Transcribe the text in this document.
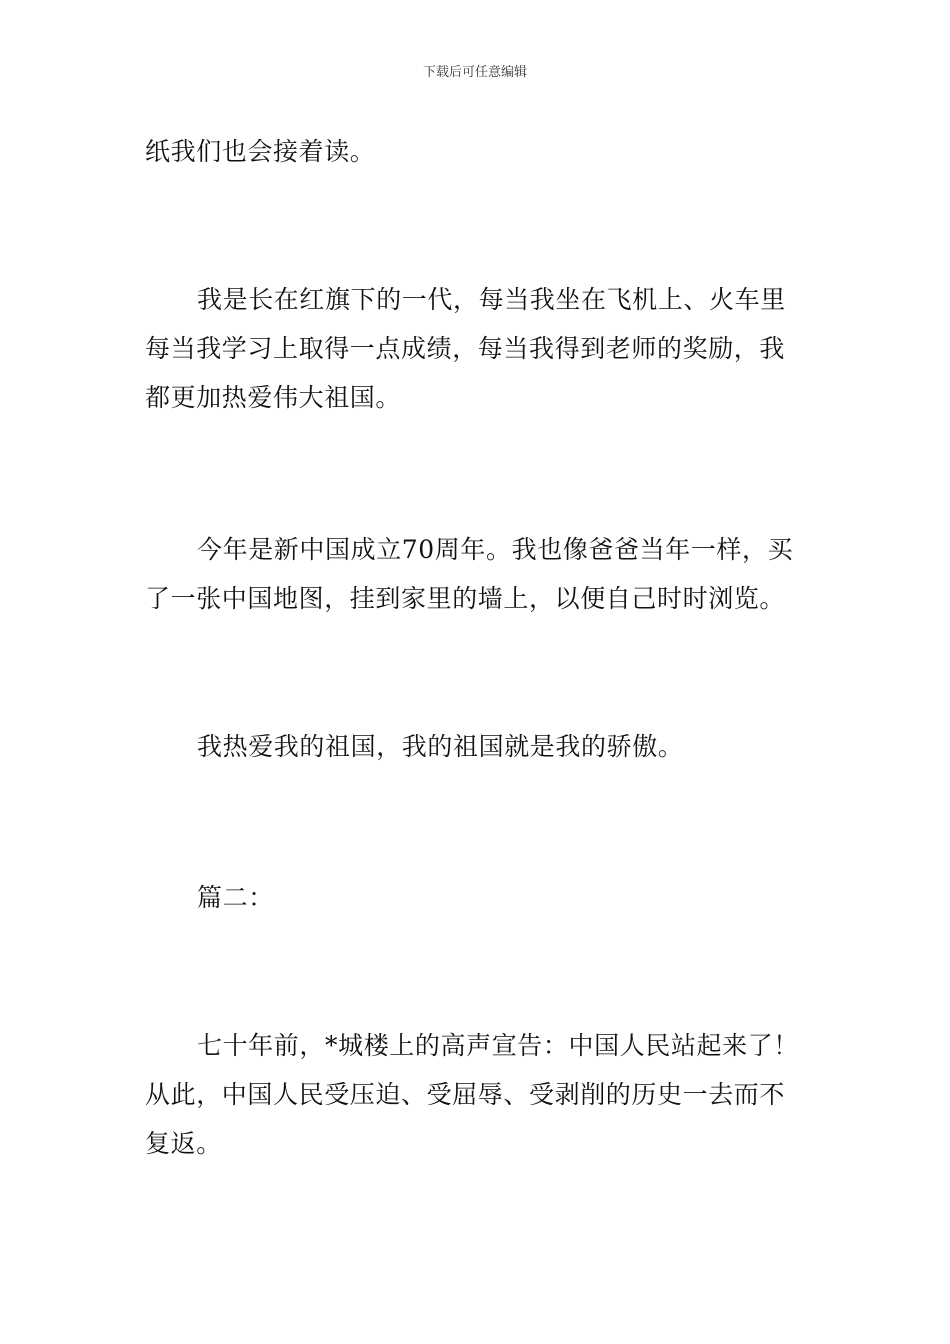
下载后可任意编辑

纸我们也会接着读。

我是长在红旗下的一代，每当我坐在飞机上、火车里每当我学习上取得一点成绩，每当我得到老师的奖励，我都更加热爱伟大祖国。

今年是新中国成立70周年。我也像爸爸当年一样，买了一张中国地图，挂到家里的墙上，以便自己时时浏览。

我热爱我的祖国，我的祖国就是我的骄傲。

篇二：

七十年前，*城楼上的高声宣告：中国人民站起来了！从此，中国人民受压迫、受屈辱、受剥削的历史一去而不复返。
